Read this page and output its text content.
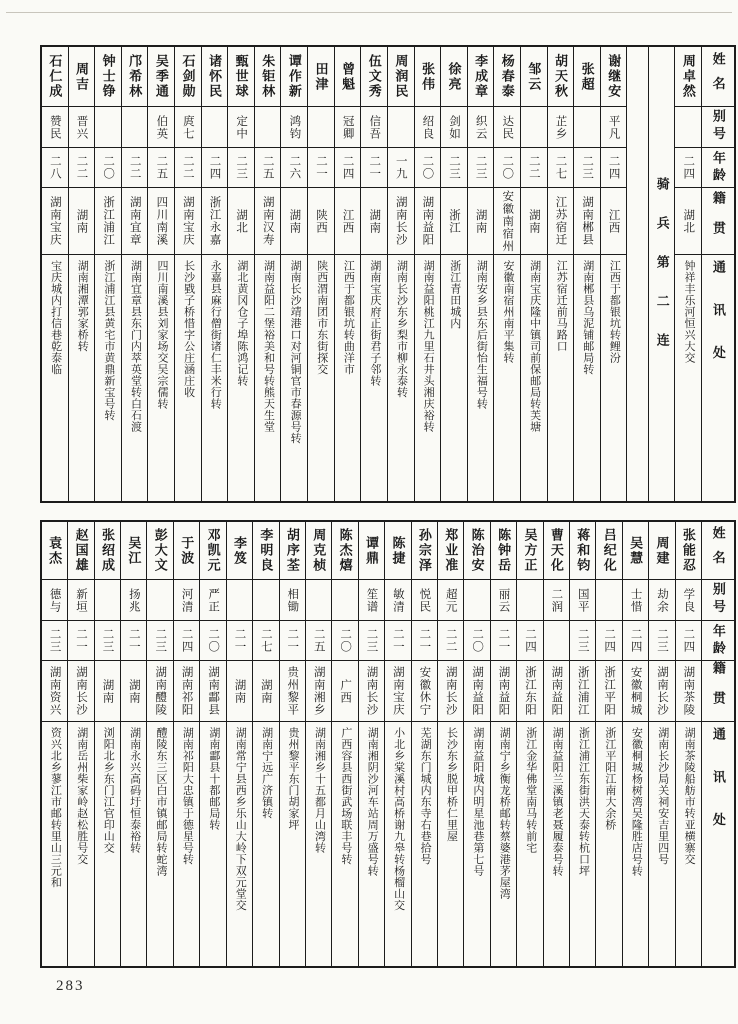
姓名
别号
年龄
籍贯
通讯处
周卓然
二四
湖北
钟祥丰乐河恒兴大交
骑兵第二连
谢继安
平凡
二四
江西
江西于都银坑转鲤汾
张超
二三
湖南郴县
湖南郴县乌泥铺邮局转
胡天秋
芷乡
二七
江苏宿迁
江苏宿迁前马路口
邹云
二二
湖南
湖南宝庆隆中镇司前保邮局转芙塘
杨春泰
达民
二〇
安徽南宿州
安徽南宿州南平集转
李成章
织云
二三
湖南
湖南安乡县东后街怡生福号转
徐亮
剑如
二三
浙江
浙江青田城内
张伟
绍良
二〇
湖南益阳
湖南益阳桃江九里石井头湘庆裕转
周润民
一九
湖南长沙
湖南长沙东乡梨市柳永泰转
伍文秀
信吾
二一
湖南
湖南宝庆府正街君子邻转
曾魁
冠卿
二四
江西
江西于都银坑转曲洋市
田津
二一
陕西
陕西渭南团市东街探交
谭作新
鸿钧
二六
湖南
湖南长沙靖港口对河铜官市春源号转
朱钜林
二五
湖南汉寿
湖南益阳二堡裕美和号转熊天生堂
甄世球
定中
二三
湖北
湖北黄冈仓子埠陈鸿记转
诸怀民
二四
浙江永嘉
永嘉县麻行僧街诸仁丰米行转
石剑勋
庹七
二二
湖南宝庆
长沙戥子桥惜字公庄涵庄收
吴季通
伯英
二五
四川南溪
四川南溪县刘家场交吴宗儒转
邝希林
二二
湖南宜章
湖南宜章县东门内萃英堂转白石渡
钟士铮
二〇
浙江浦江
浙江浦江县黄宅市黄鼎新宝号转
周吉
晋兴
二二
湖南
湖南湘潭郭家桥转
石仁成
赞民
二八
湖南宝庆
宝庆城内打信巷乾泰临
姓名
别号
年龄
籍贯
通讯处
张能忍
学良
二四
湖南茶陵
湖南茶陵船舫市转亚横寨交
周建
劫余
二三
湖南长沙
湖南长沙局关祠安吉里四号
吴慧
士惜
二四
安徽桐城
安徽桐城杨树湾吴隆胜店号转
吕纪化
二四
浙江平阳
浙江平阳江南大余桥
蒋和钧
国平
二三
浙江浦江
浙江浦江东街洪天泰转杭口坪
曹天化
二润
湖南益阳
湖南益阳兰溪镇老聂履泰号转
吴方正
二四
浙江东阳
浙江金华佛堂南马转前宅
陈钟岳
丽云
二一
湖南益阳
湖南宁乡衡龙桥邮转蔡婆港茅屋湾
陈治安
二〇
湖南益阳
湖南益阳城内明星池巷第七号
郑业准
超元
二二
湖南长沙
长沙东乡脱甲桥仁里屋
孙宗泽
悦民
二一
安徽休宁
芜湖东门城内东寺右巷拾号
陈捷
敏清
二一
湖南宝庆
小北乡棠溪村高桥谢九皋转杨榴山交
谭鼎
笙谱
二三
湖南长沙
湖南湘阴沙河车站周万盛号转
陈杰熺
二〇
广西
广西容县西街武场联丰号转
周克桢
二五
湖南湘乡
湖南湘乡十五都月山湾转
胡序荃
相锄
二一
贵州黎平
贵州黎平东门胡家坪
李明良
二七
湖南
湖南宁远广济镇转
李笈
二一
湖南
湖南常宁县西乡乐山大岭下双元堂交
邓凯元
严正
二〇
湖南酃县
湖南酃县十都邮局转
于波
河清
二四
湖南祁阳
湖南祁阳大忠镇于德星号转
彭大文
二三
湖南醴陵
醴陵东三区白市镇邮局转蛇湾
吴江
扬兆
二一
湖南
湖南永兴高码圩恒泰裕转
张绍成
二三
湖南
浏阳北乡东门江官印山交
赵国雄
新垣
二一
湖南长沙
湖南岳州柴家岭赵松胜号交
袁杰
德与
二三
湖南资兴
资兴北乡蓼江市邮转里山三元和
283
